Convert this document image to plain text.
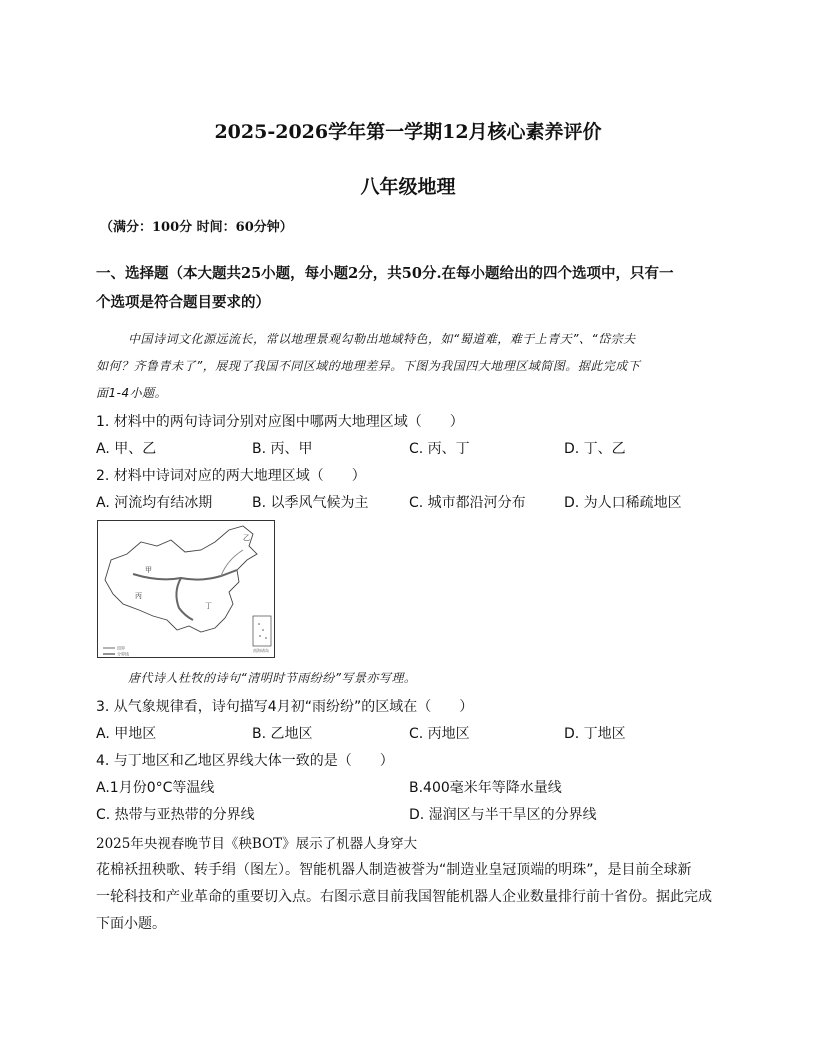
2025-2026学年第一学期12月核心素养评价
八年级地理
（满分：100分 时间：60分钟）
一、选择题（本大题共25小题，每小题2分，共50分.在每小题给出的四个选项中，只有一
个选项是符合题目要求的）
中国诗词文化源远流长，常以地理景观勾勒出地域特色，如“蜀道难，难于上青天”、“岱宗夫
如何？齐鲁青未了”，展现了我国不同区域的地理差异。下图为我国四大地理区域简图。据此完成下
面1-4小题。
1. 材料中的两句诗词分别对应图中哪两大地理区域（　　）
A. 甲、乙	B. 丙、甲	C. 丙、丁	D. 丁、乙
2. 材料中诗词对应的两大地理区域（　　）
A. 河流均有结冰期	B. 以季风气候为主	C. 城市都沿河分布	D. 为人口稀疏地区
南海诸岛
甲
乙
丙
丁
国界
分界线
唐代诗人杜牧的诗句“清明时节雨纷纷”写景亦写理。
3. 从气象规律看，诗句描写4月初“雨纷纷”的区域在（　　）
A. 甲地区	B. 乙地区	C. 丙地区	D. 丁地区
4. 与丁地区和乙地区界线大体一致的是（　　）
A.1月份0°C等温线	B.400毫米年等降水量线
C. 热带与亚热带的分界线	D. 湿润区与半干旱区的分界线
2025年央视春晚节目《秧BOT》展示了机器人身穿大
花棉袄扭秧歌、转手绢（图左）。智能机器人制造被誉为“制造业皇冠顶端的明珠”，是目前全球新
一轮科技和产业革命的重要切入点。右图示意目前我国智能机器人企业数量排行前十省份。据此完成
下面小题。
